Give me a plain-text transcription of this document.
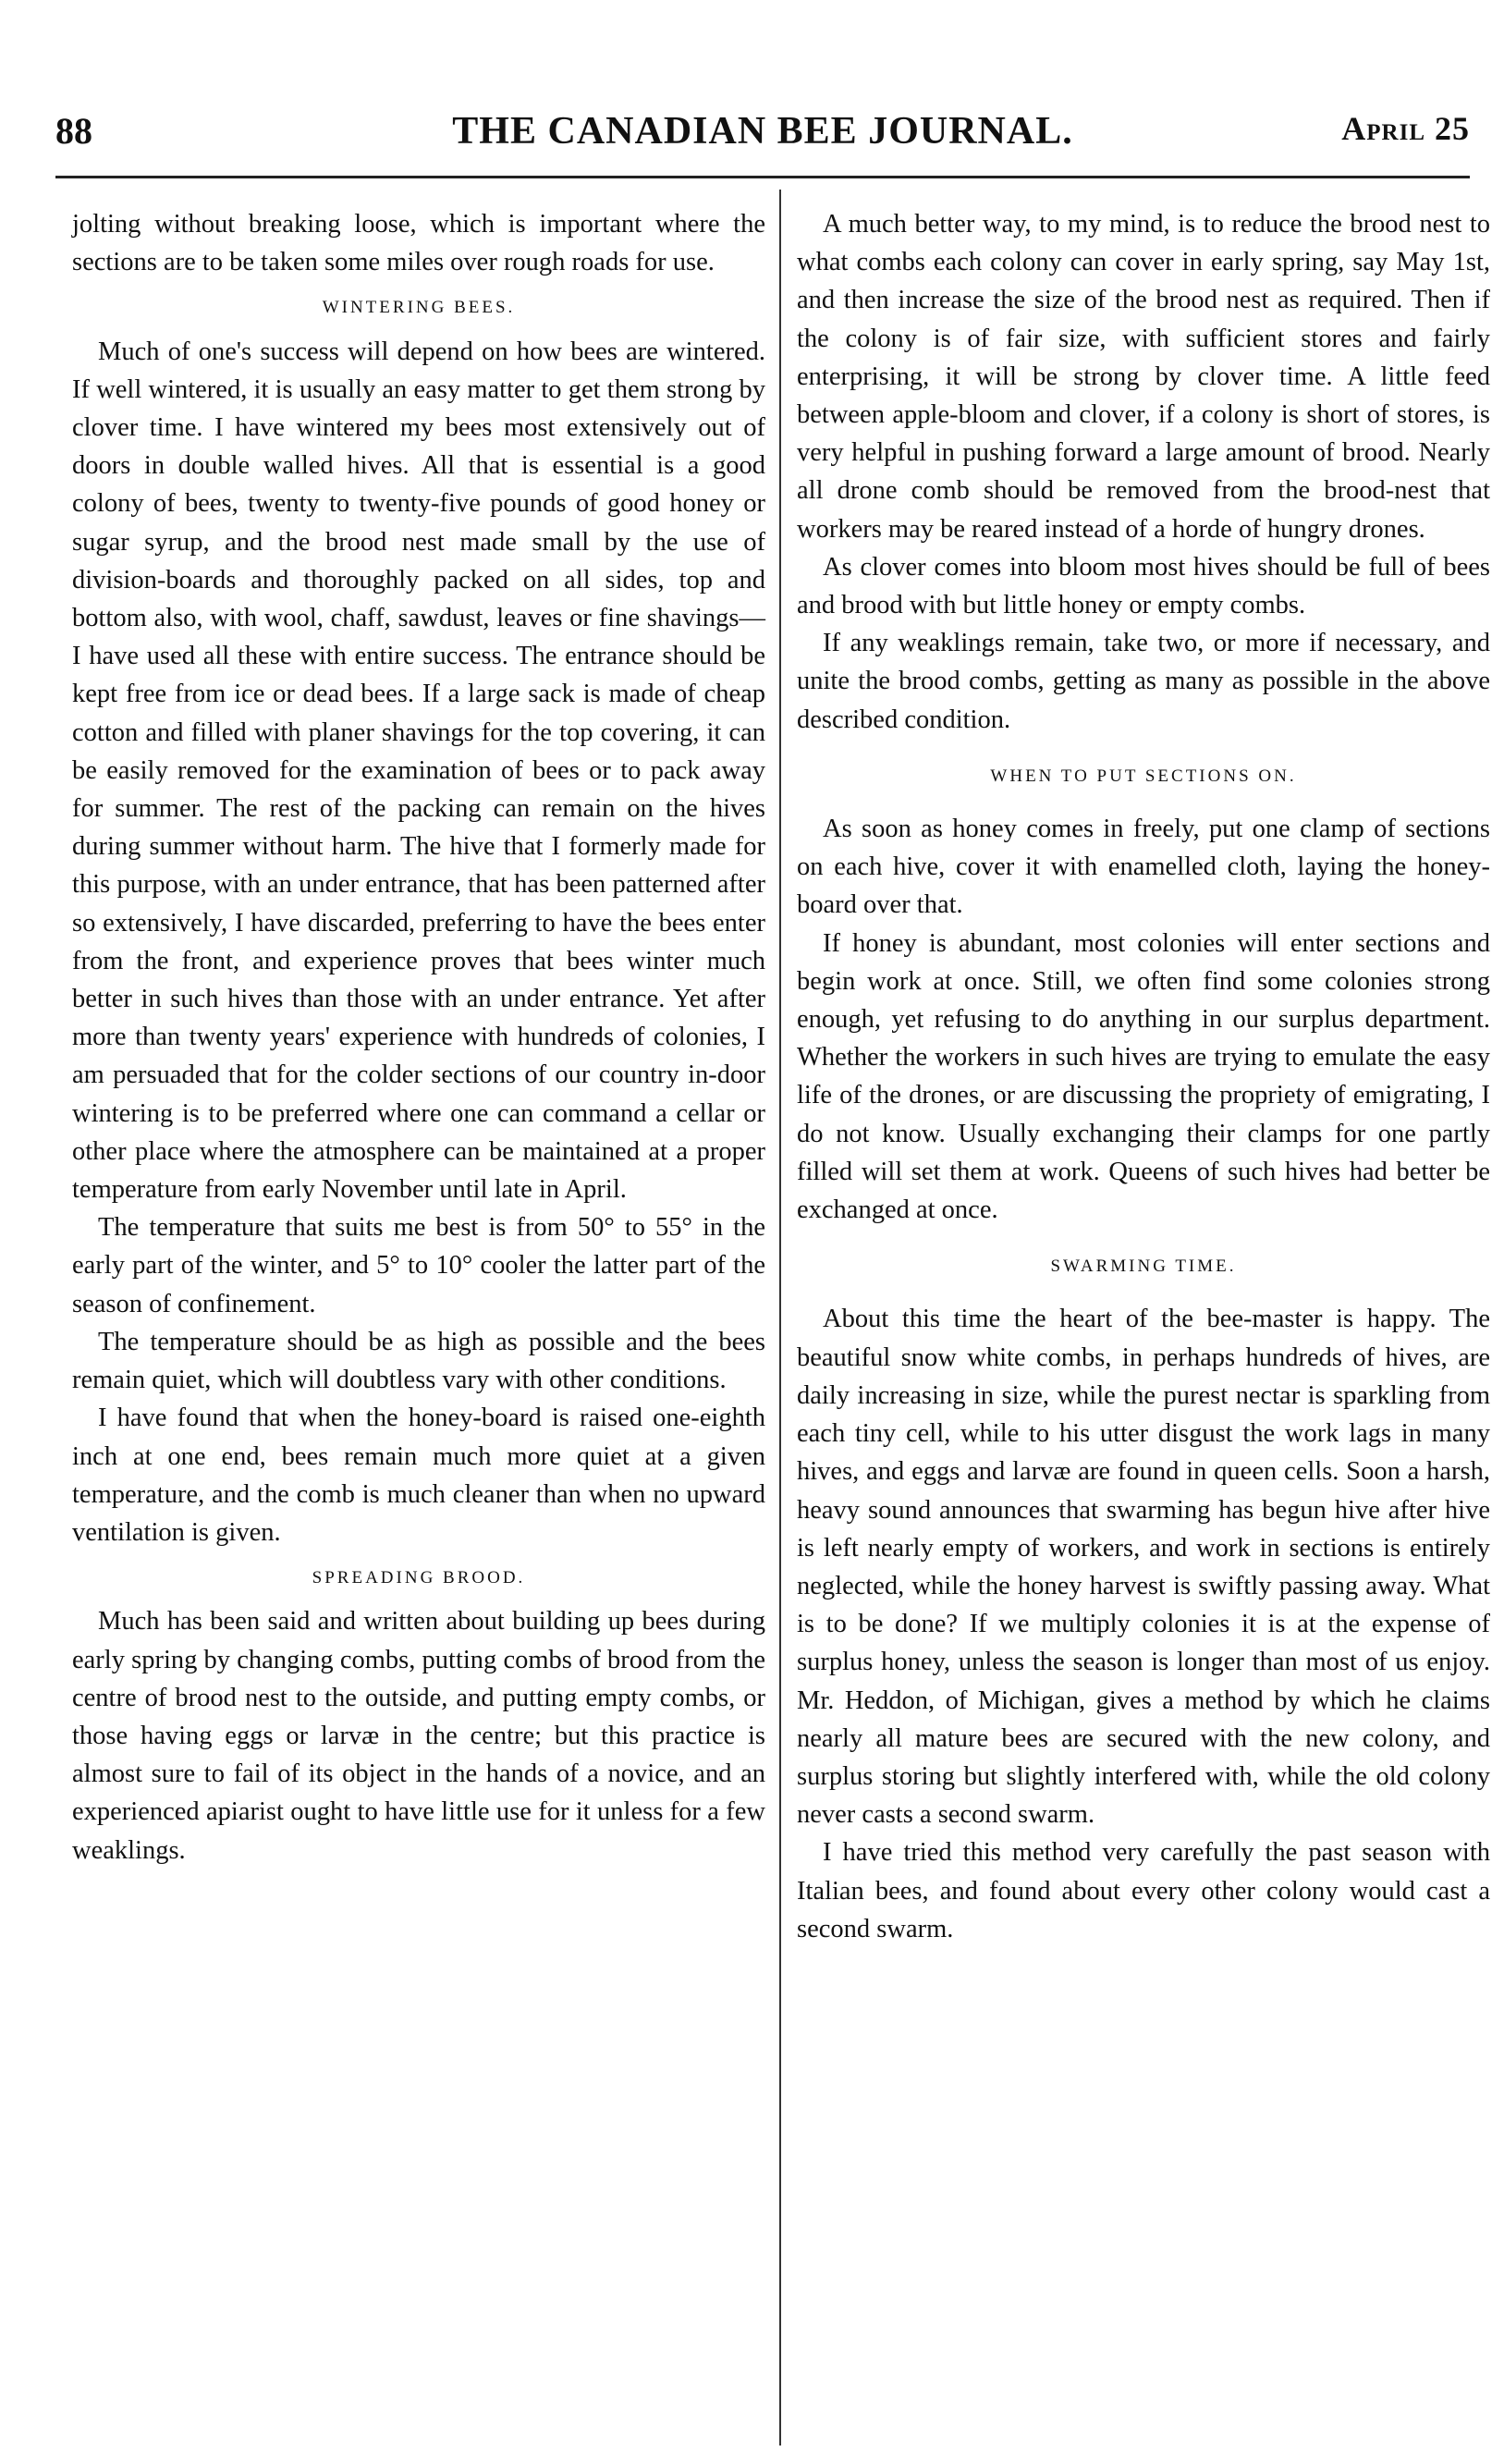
88	THE CANADIAN BEE JOURNAL.	April 25

jolting without breaking loose, which is important where the sections are to be taken some miles over rough roads for use.

WINTERING BEES.

Much of one's success will depend on how bees are wintered. If well wintered, it is usually an easy matter to get them strong by clover time. I have wintered my bees most extensively out of doors in double walled hives. All that is essential is a good colony of bees, twenty to twenty-five pounds of good honey or sugar syrup, and the brood nest made small by the use of division-boards and thoroughly packed on all sides, top and bottom also, with wool, chaff, sawdust, leaves or fine shavings—I have used all these with entire success. The entrance should be kept free from ice or dead bees. If a large sack is made of cheap cotton and filled with planer shavings for the top covering, it can be easily removed for the examination of bees or to pack away for summer. The rest of the packing can remain on the hives during summer without harm. The hive that I formerly made for this purpose, with an under entrance, that has been patterned after so extensively, I have discarded, preferring to have the bees enter from the front, and experience proves that bees winter much better in such hives than those with an under entrance. Yet after more than twenty years' experience with hundreds of colonies, I am persuaded that for the colder sections of our country in-door wintering is to be preferred where one can command a cellar or other place where the atmosphere can be maintained at a proper temperature from early November until late in April.

The temperature that suits me best is from 50° to 55° in the early part of the winter, and 5° to 10° cooler the latter part of the season of confinement.

The temperature should be as high as possible and the bees remain quiet, which will doubtless vary with other conditions.

I have found that when the honey-board is raised one-eighth inch at one end, bees remain much more quiet at a given temperature, and the comb is much cleaner than when no upward ventilation is given.

SPREADING BROOD.

Much has been said and written about building up bees during early spring by changing combs, putting combs of brood from the centre of brood nest to the outside, and putting empty combs, or those having eggs or larvæ in the centre; but this practice is almost sure to fail of its object in the hands of a novice, and an experienced apiarist ought to have little use for it unless for a few weaklings.

A much better way, to my mind, is to reduce the brood nest to what combs each colony can cover in early spring, say May 1st, and then increase the size of the brood nest as required. Then if the colony is of fair size, with sufficient stores and fairly enterprising, it will be strong by clover time. A little feed between apple-bloom and clover, if a colony is short of stores, is very helpful in pushing forward a large amount of brood. Nearly all drone comb should be removed from the brood-nest that workers may be reared instead of a horde of hungry drones.

As clover comes into bloom most hives should be full of bees and brood with but little honey or empty combs.

If any weaklings remain, take two, or more if necessary, and unite the brood combs, getting as many as possible in the above described condition.

WHEN TO PUT SECTIONS ON.

As soon as honey comes in freely, put one clamp of sections on each hive, cover it with enamelled cloth, laying the honey-board over that.

If honey is abundant, most colonies will enter sections and begin work at once. Still, we often find some colonies strong enough, yet refusing to do anything in our surplus department. Whether the workers in such hives are trying to emulate the easy life of the drones, or are discussing the propriety of emigrating, I do not know. Usually exchanging their clamps for one partly filled will set them at work. Queens of such hives had better be exchanged at once.

SWARMING TIME.

About this time the heart of the bee-master is happy. The beautiful snow white combs, in perhaps hundreds of hives, are daily increasing in size, while the purest nectar is sparkling from each tiny cell, while to his utter disgust the work lags in many hives, and eggs and larvæ are found in queen cells. Soon a harsh, heavy sound announces that swarming has begun hive after hive is left nearly empty of workers, and work in sections is entirely neglected, while the honey harvest is swiftly passing away. What is to be done? If we multiply colonies it is at the expense of surplus honey, unless the season is longer than most of us enjoy. Mr. Heddon, of Michigan, gives a method by which he claims nearly all mature bees are secured with the new colony, and surplus storing but slightly interfered with, while the old colony never casts a second swarm.

I have tried this method very carefully the past season with Italian bees, and found about every other colony would cast a second swarm.
